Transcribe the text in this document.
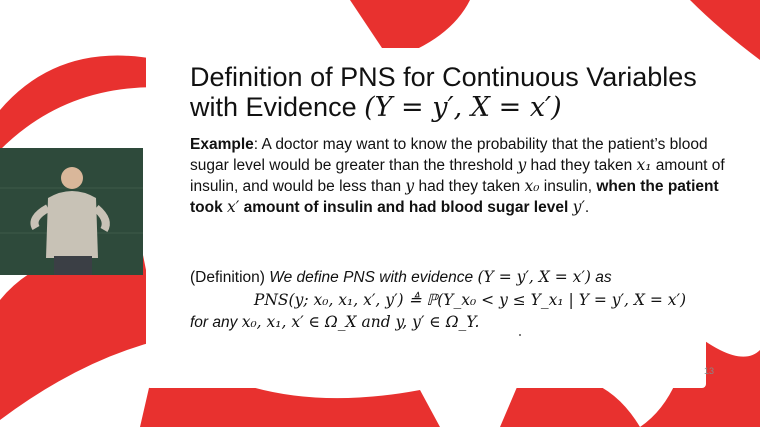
Definition of PNS for Continuous Variables
with Evidence (Y = y′, X = x′)
Example: A doctor may want to know the probability that the patient’s blood sugar level would be greater than the threshold y had they taken x₁ amount of insulin, and would be less than y had they taken x₀ insulin, when the patient took x′ amount of insulin and had blood sugar level y′.
(Definition) We define PNS with evidence (Y = y′, X = x′) as
PNS(y; x₀, x₁, x′, y′) ≜ ℙ(Y_x₀ < y ≤ Y_x₁ | Y = y′, X = x′)
for any x₀, x₁, x′ ∈ Ω_X and y, y′ ∈ Ω_Y.
13
